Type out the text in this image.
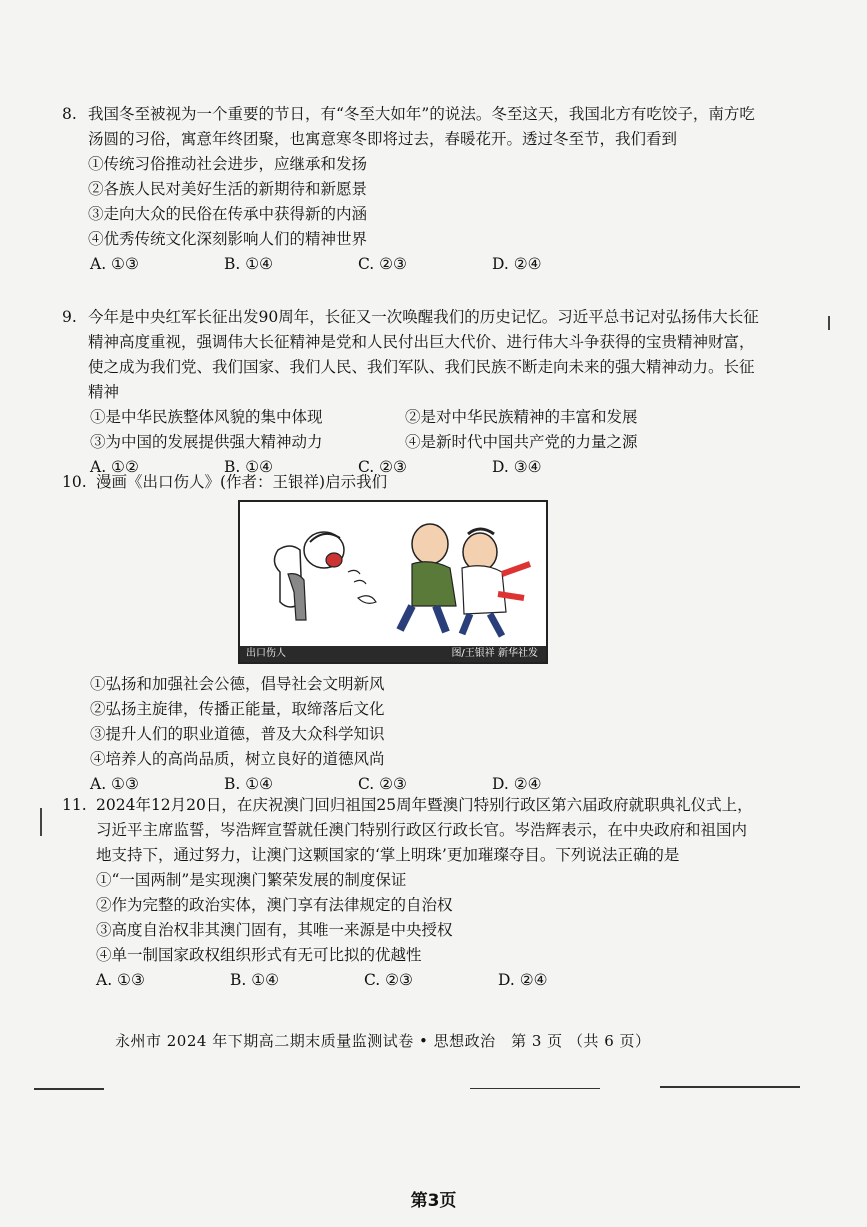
8. 我国冬至被视为一个重要的节日，有“冬至大如年”的说法。冬至这天，我国北方有吃饺子，南方吃汤圆的习俗，寓意年终团聚，也寓意寒冬即将过去，春暖花开。透过冬至节，我们看到
①传统习俗推动社会进步，应继承和发扬
②各族人民对美好生活的新期待和新愿景
③走向大众的民俗在传承中获得新的内涵
④优秀传统文化深刻影响人们的精神世界
A. ①③	B. ①④	C. ②③	D. ②④
9. 今年是中央红军长征出发90周年，长征又一次唤醒我们的历史记忆。习近平总书记对弘扬伟大长征精神高度重视，强调伟大长征精神是党和人民付出巨大代价、进行伟大斗争获得的宝贵精神财富，使之成为我们党、我们国家、我们人民、我们军队、我们民族不断走向未来的强大精神动力。长征精神
①是中华民族整体风貌的集中体现	②是对中华民族精神的丰富和发展
③为中国的发展提供强大精神动力	④是新时代中国共产党的力量之源
A. ①②	B. ①④	C. ②③	D. ③④
10. 漫画《出口伤人》(作者：王银祥)启示我们
出口伤人	图/王银祥 新华社发
①弘扬和加强社会公德，倡导社会文明新风
②弘扬主旋律，传播正能量，取缔落后文化
③提升人们的职业道德，普及大众科学知识
④培养人的高尚品质，树立良好的道德风尚
A. ①③	B. ①④	C. ②③	D. ②④
11. 2024年12月20日，在庆祝澳门回归祖国25周年暨澳门特别行政区第六届政府就职典礼仪式上，习近平主席监誓，岑浩辉宣誓就任澳门特别行政区行政长官。岑浩辉表示，在中央政府和祖国内地支持下，通过努力，让澳门这颗国家的‘掌上明珠’更加璀璨夺目。下列说法正确的是
①“一国两制”是实现澳门繁荣发展的制度保证
②作为完整的政治实体，澳门享有法律规定的自治权
③高度自治权非其澳门固有，其唯一来源是中央授权
④单一制国家政权组织形式有无可比拟的优越性
A. ①③	B. ①④	C. ②③	D. ②④
永州市 2024 年下期高二期末质量监测试卷 • 思想政治　第 3 页 （共 6 页）
第3页
